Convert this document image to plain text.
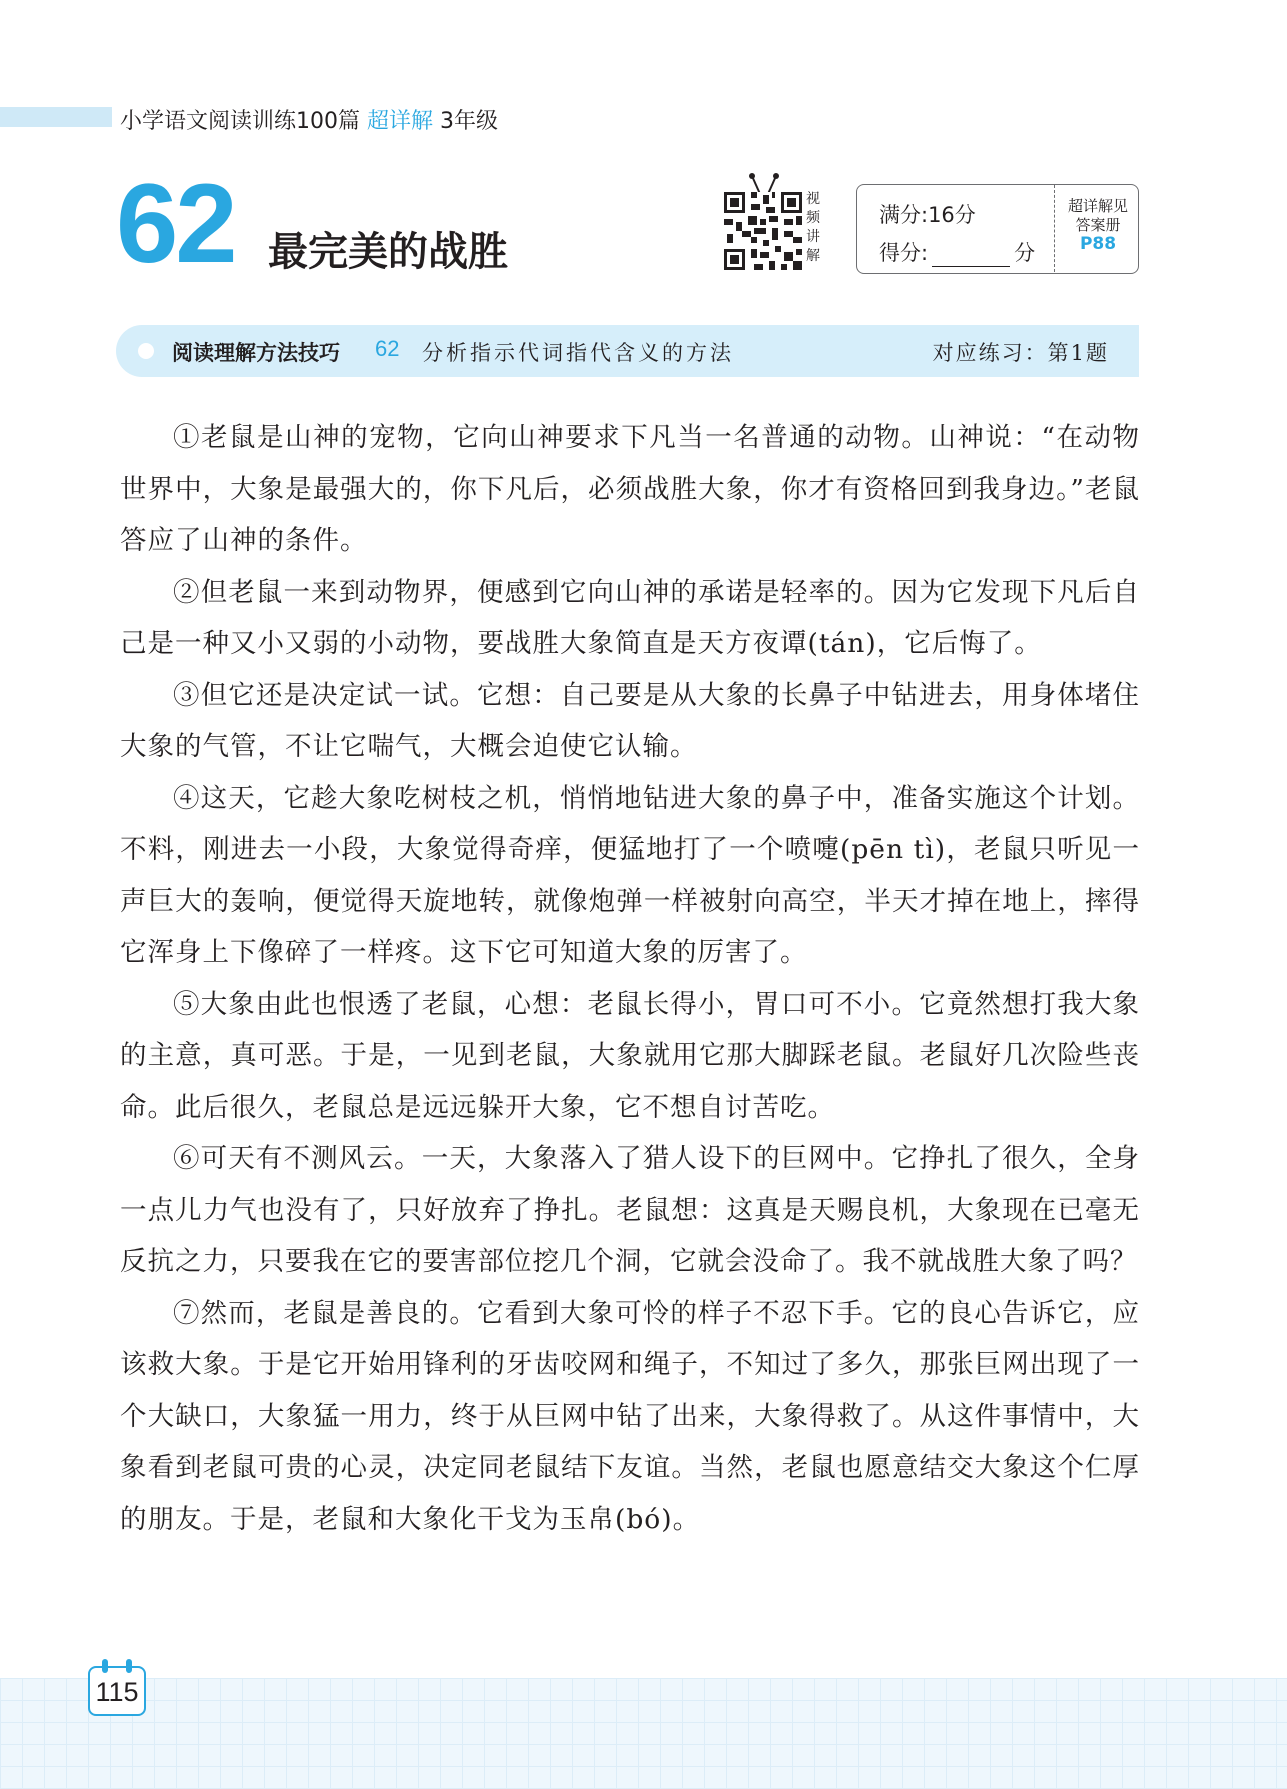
小学语文阅读训练100篇 超详解 3年级
62 最完美的战胜
视
频
讲
解
满分:16分
得分:	分
超详解见
答案册
P88
阅读理解方法技巧 62 分析指示代词指代含义的方法	对应练习：第1题

①老鼠是山神的宠物，它向山神要求下凡当一名普通的动物。山神说：“在动物世界中，大象是最强大的，你下凡后，必须战胜大象，你才有资格回到我身边。”老鼠答应了山神的条件。

②但老鼠一来到动物界，便感到它向山神的承诺是轻率的。因为它发现下凡后自己是一种又小又弱的小动物，要战胜大象简直是天方夜谭(tán)，它后悔了。

③但它还是决定试一试。它想：自己要是从大象的长鼻子中钻进去，用身体堵住大象的气管，不让它喘气，大概会迫使它认输。

④这天，它趁大象吃树枝之机，悄悄地钻进大象的鼻子中，准备实施这个计划。不料，刚进去一小段，大象觉得奇痒，便猛地打了一个喷嚏(pēn tì)，老鼠只听见一声巨大的轰响，便觉得天旋地转，就像炮弹一样被射向高空，半天才掉在地上，摔得它浑身上下像碎了一样疼。这下它可知道大象的厉害了。

⑤大象由此也恨透了老鼠，心想：老鼠长得小，胃口可不小。它竟然想打我大象的主意，真可恶。于是，一见到老鼠，大象就用它那大脚踩老鼠。老鼠好几次险些丧命。此后很久，老鼠总是远远躲开大象，它不想自讨苦吃。

⑥可天有不测风云。一天，大象落入了猎人设下的巨网中。它挣扎了很久，全身一点儿力气也没有了，只好放弃了挣扎。老鼠想：这真是天赐良机，大象现在已毫无反抗之力，只要我在它的要害部位挖几个洞，它就会没命了。我不就战胜大象了吗？

⑦然而，老鼠是善良的。它看到大象可怜的样子不忍下手。它的良心告诉它，应该救大象。于是它开始用锋利的牙齿咬网和绳子，不知过了多久，那张巨网出现了一个大缺口，大象猛一用力，终于从巨网中钻了出来，大象得救了。从这件事情中，大象看到老鼠可贵的心灵，决定同老鼠结下友谊。当然，老鼠也愿意结交大象这个仁厚的朋友。于是，老鼠和大象化干戈为玉帛(bó)。

115
